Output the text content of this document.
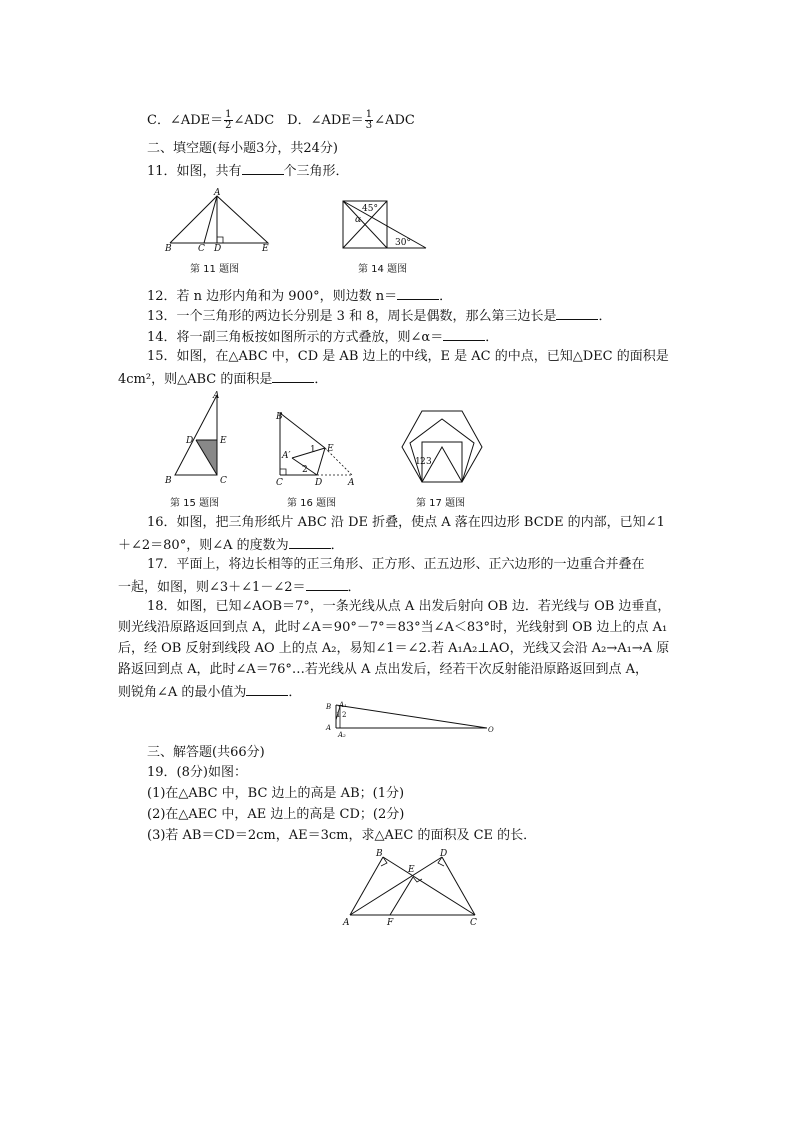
C．∠ADE＝ $\frac{1}{2}$ ∠ADC　D．∠ADE＝ $\frac{1}{3}$ ∠ADC
二、填空题(每小题3分，共24分)
11．如图，共有	个三角形．
A
B	C D	E
第 11 题图
45°
α
30°
第 14 题图
12．若 n 边形内角和为 900°，则边数 n＝	．
13．一个三角形的两边长分别是 3 和 8，周长是偶数，那么第三边长是	．
14．将一副三角板按如图所示的方式叠放，则∠α＝	．
15．如图，在△ABC 中，CD 是 AB 边上的中线，E 是 AC 的中点，已知△DEC 的面积是
4cm²，则△ABC 的面积是	．
A
D	E
B	C
第 15 题图
B
E
1
A′
2
C	D	A
第 16 题图
1 2 3
第 17 题图
16．如图，把三角形纸片 ABC 沿 DE 折叠，使点 A 落在四边形 BCDE 的内部，已知∠1
＋∠2＝80°，则∠A 的度数为	．
17．平面上，将边长相等的正三角形、正方形、正五边形、正六边形的一边重合并叠在
一起，如图，则∠3＋∠1－∠2＝	．
18．如图，已知∠AOB＝7°，一条光线从点 A 出发后射向 OB 边．若光线与 OB 边垂直，
则光线沿原路返回到点 A，此时∠A＝90°－7°＝83°当∠A＜83°时，光线射到 OB 边上的点 A₁
后，经 OB 反射到线段 AO 上的点 A₂，易知∠1＝∠2.若 A₁A₂⊥AO，光线又会沿 A₂→A₁→A 原
路返回到点 A，此时∠A＝76°…若光线从 A 点出发后，经若干次反射能沿原路返回到点 A，
则锐角∠A 的最小值为	．
B A₁
1 2
A
A₂
O
三、解答题(共66分)
19．(8分)如图：
(1)在△ABC 中，BC 边上的高是 AB；(1分)
(2)在△AEC 中，AE 边上的高是 CD；(2分)
(3)若 AB＝CD＝2cm，AE＝3cm，求△AEC 的面积及 CE 的长．
B	D
E
A	F	C
